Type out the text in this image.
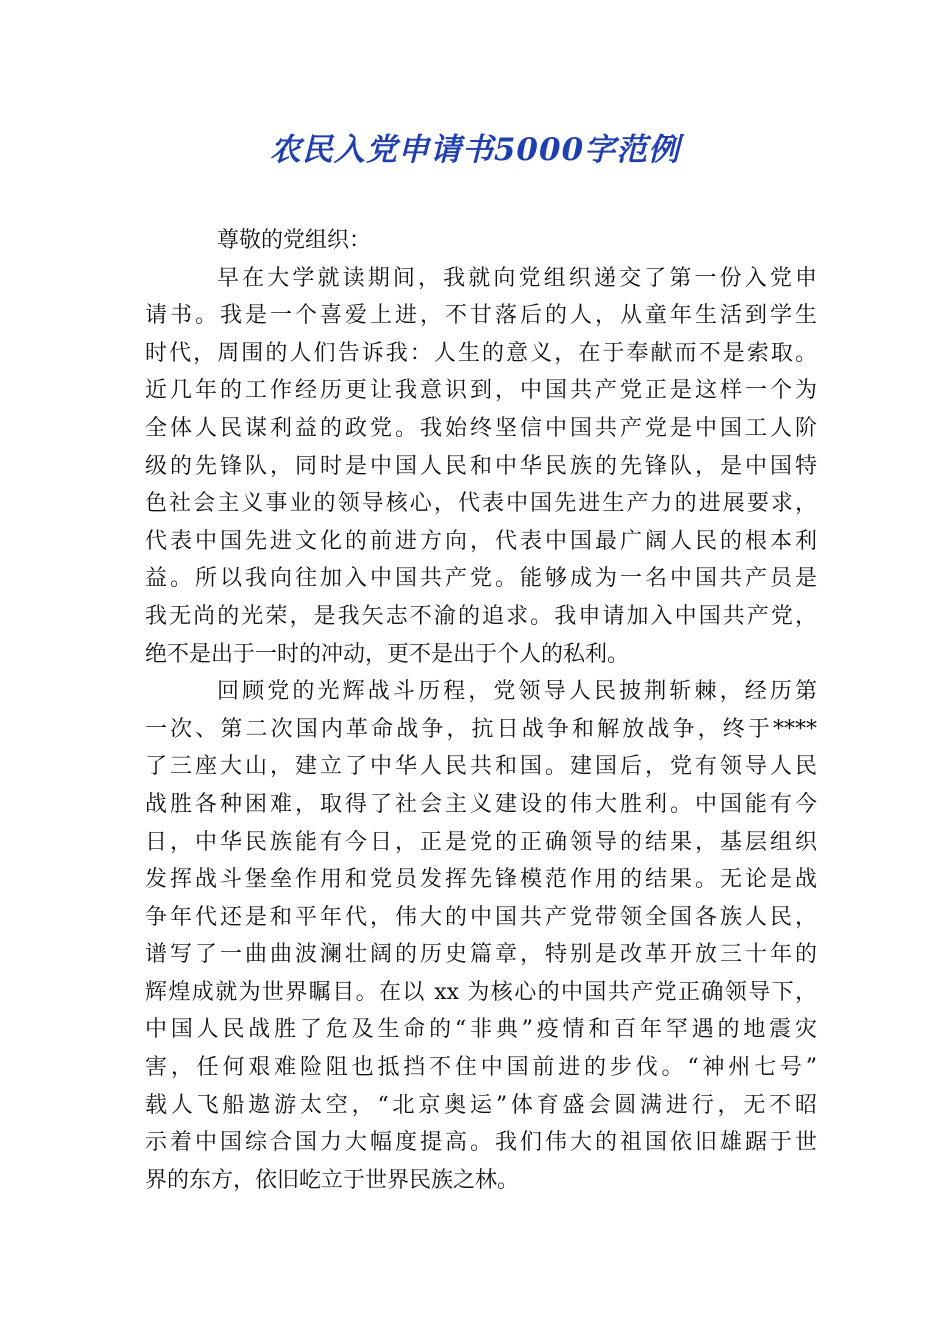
农民入党申请书5000字范例
尊敬的党组织：
早在大学就读期间，我就向党组织递交了第一份入党申
请书。我是一个喜爱上进，不甘落后的人，从童年生活到学生
时代，周围的人们告诉我：人生的意义，在于奉献而不是索取。
近几年的工作经历更让我意识到，中国共产党正是这样一个为
全体人民谋利益的政党。我始终坚信中国共产党是中国工人阶
级的先锋队，同时是中国人民和中华民族的先锋队，是中国特
色社会主义事业的领导核心，代表中国先进生产力的进展要求，
代表中国先进文化的前进方向，代表中国最广阔人民的根本利
益。所以我向往加入中国共产党。能够成为一名中国共产员是
我无尚的光荣，是我矢志不渝的追求。我申请加入中国共产党，
绝不是出于一时的冲动，更不是出于个人的私利。
回顾党的光辉战斗历程，党领导人民披荆斩棘，经历第
一次、第二次国内革命战争，抗日战争和解放战争，终于****
了三座大山，建立了中华人民共和国。建国后，党有领导人民
战胜各种困难，取得了社会主义建设的伟大胜利。中国能有今
日，中华民族能有今日，正是党的正确领导的结果，基层组织
发挥战斗堡垒作用和党员发挥先锋模范作用的结果。无论是战
争年代还是和平年代，伟大的中国共产党带领全国各族人民，
谱写了一曲曲波澜壮阔的历史篇章，特别是改革开放三十年的
辉煌成就为世界瞩目。在以 xx 为核心的中国共产党正确领导下，
中国人民战胜了危及生命的“非典”疫情和百年罕遇的地震灾
害，任何艰难险阻也抵挡不住中国前进的步伐。“神州七号”
载人飞船遨游太空，“北京奥运”体育盛会圆满进行，无不昭
示着中国综合国力大幅度提高。我们伟大的祖国依旧雄踞于世
界的东方，依旧屹立于世界民族之林。
